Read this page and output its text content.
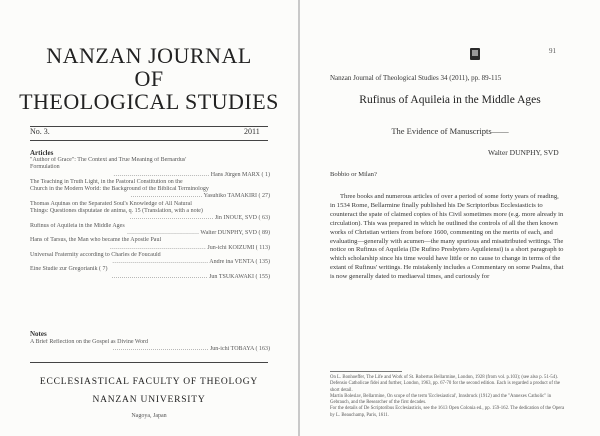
NANZAN JOURNAL
OF
THEOLOGICAL STUDIES
No. 3.	2011
Articles
"Author of Grace": The Context and True Meaning of Bernardus'
Formulation
………………………………………… Hans Jürgen MARX ( 1)
The Teaching in Truth Light, in the Pastoral Constitution on the
Church in the Modern World: the Background of the Biblical Terminology
……………………………… Yasuhiko TAMAKIRI ( 27)
Thomas Aquinas on the Separated Soul's Knowledge of All Natural
Things: Questiones disputatae de anima, q. 15 (Translation, with a note)
…………………………………… Jin INOUE, SVD ( 63)
Rufinus of Aquileia in the Middle Ages
……………………………… Walter DUNPHY, SVD ( 89)
Hans of Tarsus, the Man who became the Apostle Paul
………………………………………… Jun-ichi KOIZUMI ( 113)
Universal Fraternity according to Charles de Foucauld
………………………………………… Andre ina VENTA ( 135)
Eine Studie zur Gregorianik ( 7)
………………………………………… Jun TSUKAWAKI ( 155)
Notes
A Brief Reflection on the Gospel as Divine Word
………………………………………… Jun-ichi TOBAYA ( 163)
ECCLESIASTICAL FACULTY OF THEOLOGY
NANZAN UNIVERSITY
Nagoya, Japan
91
Nanzan Journal of Theological Studies 34 (2011), pp. 89-115
Rufinus of Aquileia in the Middle Ages
The Evidence of Manuscripts——
Walter DUNPHY, SVD
Bobbio or Milan?
Three books and numerous articles of over a period of some forty years of reading, in 1534 Rome, Bellarmine finally published his De Scriptoribus Ecclesiasticis to counteract the spate of claimed copies of his Civil sometimes more (e.g. more already in circulation). This was prepared in which he outlined the controls of all the then known works of Christian writers from before 1600, commenting on the merits of each, and evaluating—generally with acumen—the many spurious and misattributed writings. The notice on Rufinus of Aquileia (De Rufino Presbytero Aquileiensi) is a short paragraph to which scholarship since his time would have little or no cause to change in terms of the extant of Rufinus' writings. He mistakenly includes a Commentary on some Psalms, that is now generally dated to mediaeval times, and curiously for
On L. Bonhoeffer, The Life and Work of St. Robertus Bellarmine, London, 1928 (from vol. p.103); (see also p. 51-54). Defensio Catholicae fidei and further, London, 1963, pp. 67-70 for the second edition. Each is regarded a product of the short detail.
Martin Boleslav, Bellarmine, On scope of the term 'Ecclesiastical', Innsbruck (1912) and the "Annexes Catholic" in Gebrauch, and the Researcher of the first decades.
For the details of De Scriptoribus Ecclesiasticis, see the 1613 Open Colonia ed., pp. 159-162. The dedication of the Opera by L. Beauchamp, Paris, 1611.
